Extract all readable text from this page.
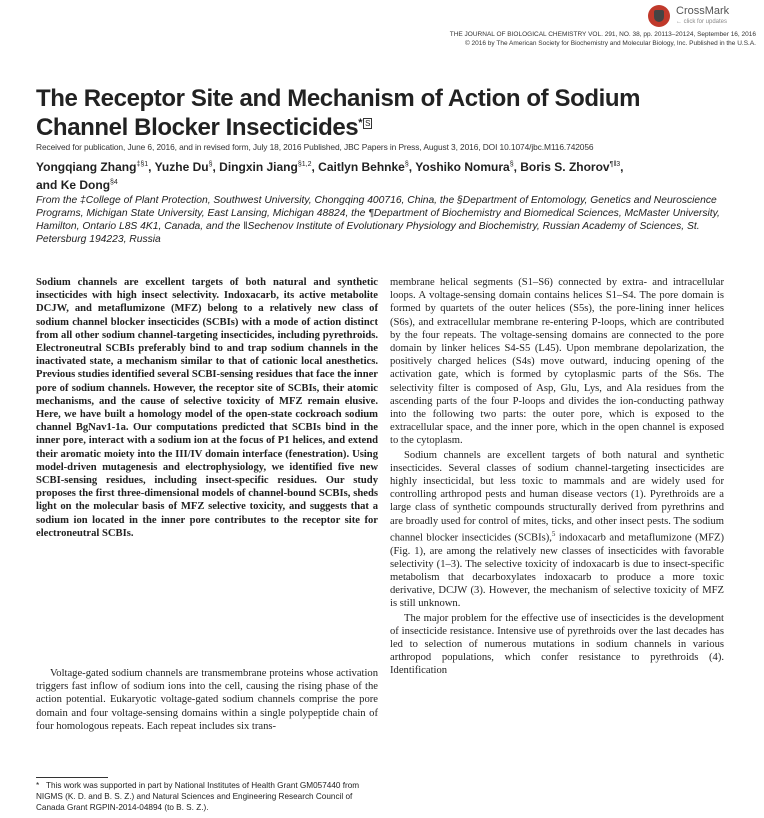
CrossMark
← click for updates
THE JOURNAL OF BIOLOGICAL CHEMISTRY VOL. 291, NO. 38, pp. 20113–20124, September 16, 2016
© 2016 by The American Society for Biochemistry and Molecular Biology, Inc. Published in the U.S.A.
The Receptor Site and Mechanism of Action of Sodium Channel Blocker Insecticides* S
Received for publication, June 6, 2016, and in revised form, July 18, 2016 Published, JBC Papers in Press, August 3, 2016, DOI 10.1074/jbc.M116.742056
Yongqiang Zhang$^{\ddagger\S 1}$, Yuzhe Du§, Dingxin Jiang$^{\S 1,2}$, Caitlyn Behnke§, Yoshiko Nomura§, Boris S. Zhorov$^{\P‖3}$,
and Ke Dong$^{\S 4}$
From the ‡College of Plant Protection, Southwest University, Chongqing 400716, China, the §Department of Entomology, Genetics and Neuroscience Programs, Michigan State University, East Lansing, Michigan 48824, the ¶Department of Biochemistry and Biomedical Sciences, McMaster University, Hamilton, Ontario L8S 4K1, Canada, and the ‖Sechenov Institute of Evolutionary Physiology and Biochemistry, Russian Academy of Sciences, St. Petersburg 194223, Russia
Sodium channels are excellent targets of both natural and synthetic insecticides with high insect selectivity. Indoxacarb, its active metabolite DCJW, and metaflumizone (MFZ) belong to a relatively new class of sodium channel blocker insecticides (SCBIs) with a mode of action distinct from all other sodium channel-targeting insecticides, including pyrethroids. Electroneutral SCBIs preferably bind to and trap sodium channels in the inactivated state, a mechanism similar to that of cationic local anesthetics. Previous studies identified several SCBI-sensing residues that face the inner pore of sodium channels. However, the receptor site of SCBIs, their atomic mechanisms, and the cause of selective toxicity of MFZ remain elusive. Here, we have built a homology model of the open-state cockroach sodium channel BgNav1-1a. Our computations predicted that SCBIs bind in the inner pore, interact with a sodium ion at the focus of P1 helices, and extend their aromatic moiety into the III/IV domain interface (fenestration). Using model-driven mutagenesis and electrophysiology, we identified five new SCBI-sensing residues, including insect-specific residues. Our study proposes the first three-dimensional models of channel-bound SCBIs, sheds light on the molecular basis of MFZ selective toxicity, and suggests that a sodium ion located in the inner pore contributes to the receptor site for electroneutral SCBIs.
Voltage-gated sodium channels are transmembrane proteins whose activation triggers fast inflow of sodium ions into the cell, causing the rising phase of the action potential. Eukaryotic voltage-gated sodium channels comprise the pore domain and four voltage-sensing domains within a single polypeptide chain of four homologous repeats. Each repeat includes six trans-
* This work was supported in part by National Institutes of Health Grant GM057440 from NIGMS (K. D. and B. S. Z.) and Natural Sciences and Engineering Research Council of Canada Grant RGPIN-2014-04894 (to B. S. Z.).

membrane helical segments (S1–S6) connected by extra- and intracellular loops. A voltage-sensing domain contains helices S1–S4. The pore domain is formed by quartets of the outer helices (S5s), the pore-lining inner helices (S6s), and extracellular membrane re-entering P-loops, which are contributed by the four repeats. The voltage-sensing domains are connected to the pore domain by linker helices S4-S5 (L45). Upon membrane depolarization, the positively charged helices (S4s) move outward, inducing opening of the activation gate, which is formed by cytoplasmic parts of the S6s. The selectivity filter is composed of Asp, Glu, Lys, and Ala residues from the ascending parts of the four P-loops and divides the ion-conducting pathway into the following two parts: the outer pore, which is exposed to the extracellular space, and the inner pore, which in the open channel is exposed to the cytoplasm.

Sodium channels are excellent targets of both natural and synthetic insecticides. Several classes of sodium channel-targeting insecticides are highly insecticidal, but less toxic to mammals and are widely used for controlling arthropod pests and human disease vectors (1). Pyrethroids are a large class of synthetic compounds structurally derived from pyrethrins and are broadly used for control of mites, ticks, and other insect pests. The sodium channel blocker insecticides (SCBIs),$^5$ indoxacarb and metaflumizone (MFZ) (Fig. 1), are among the relatively new classes of insecticides with favorable selectivity (1–3). The selective toxicity of indoxacarb is due to insect-specific metabolism that decarboxylates indoxacarb to produce a more toxic derivative, DCJW (3). However, the mechanism of selective toxicity of MFZ is still unknown.

The major problem for the effective use of insecticides is the development of insecticide resistance. Intensive use of pyrethroids over the last decades has led to selection of numerous mutations in sodium channels in various arthropod populations, which confer resistance to pyrethroids (4). Identification
